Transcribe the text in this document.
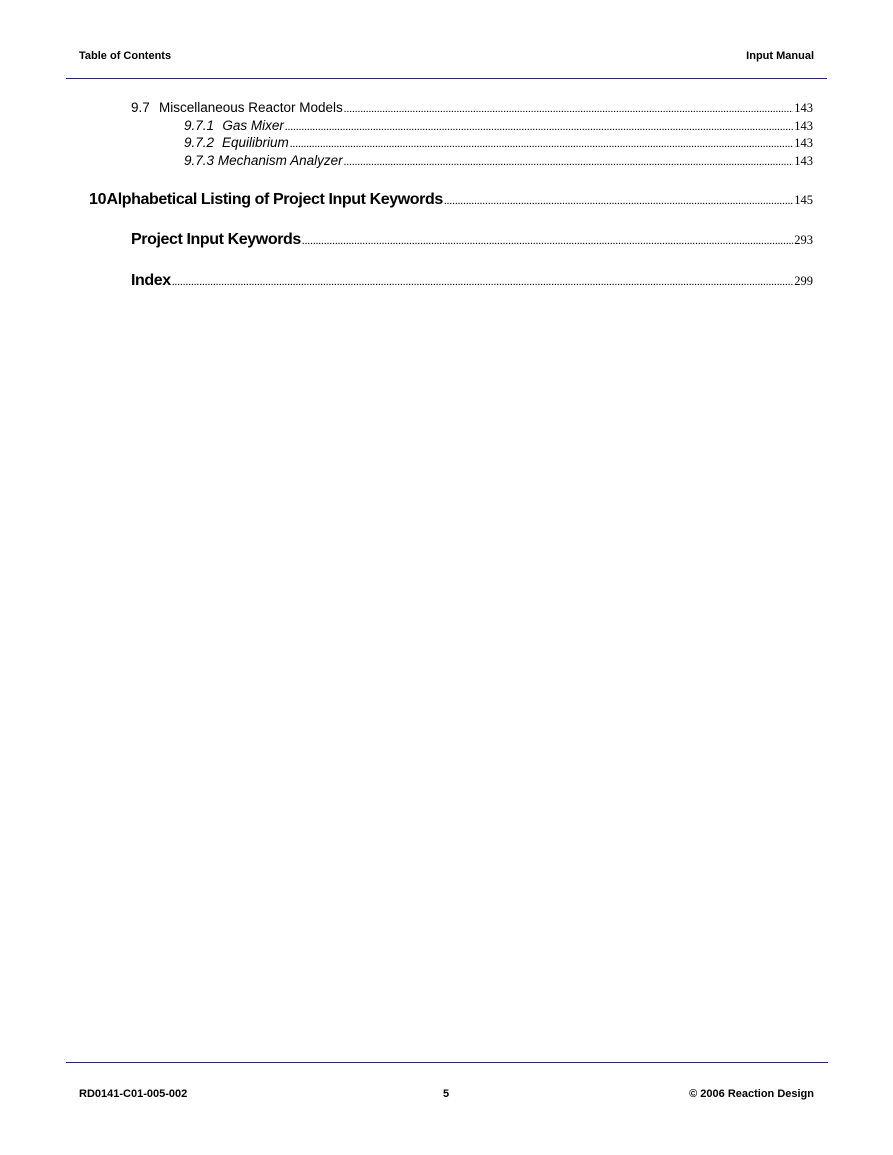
Table of Contents	Input Manual
9.7 Miscellaneous Reactor Models .....	143
9.7.1 Gas Mixer .....	143
9.7.2 Equilibrium .....	143
9.7.3 Mechanism Analyzer .....	143
10 Alphabetical Listing of Project Input Keywords .....	145
Project Input Keywords .....	293
Index .....	299
RD0141-C01-005-002	5	© 2006 Reaction Design
